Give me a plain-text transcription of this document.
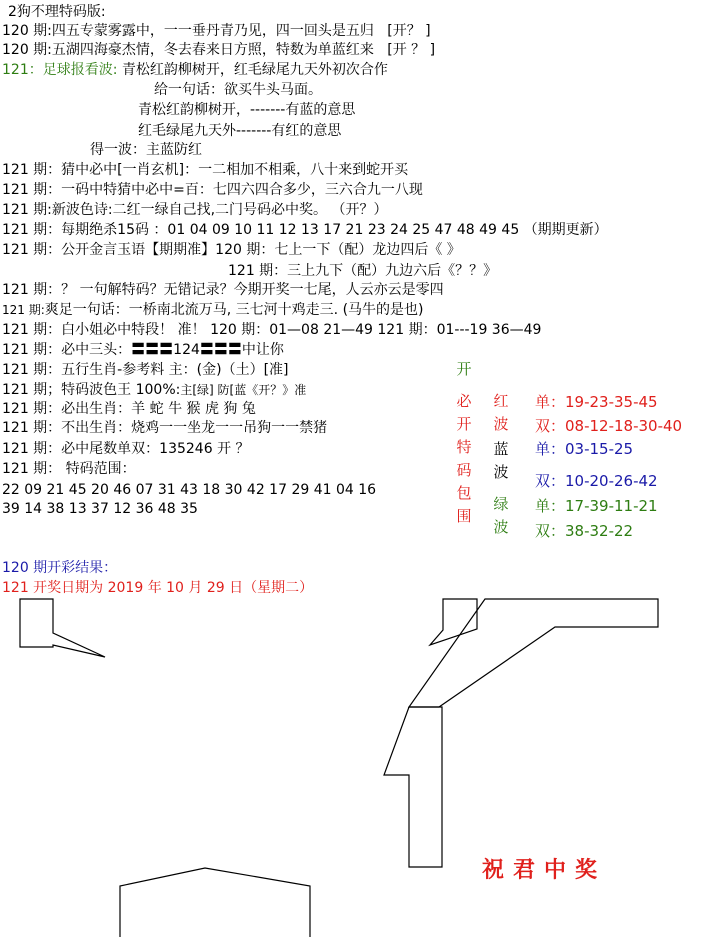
2狗不理特码版:
120 期:四五专蒙雾露中，一一垂丹青乃见，四一回头是五归 [开？ ]
120 期:五湖四海豪杰情，冬去春来日方照，特数为单蓝红来 [开 ？ ]
121：足球报看波: 青松红韵柳树开，红毛绿尾九天外初次合作
给一句话：欲买牛头马面。
青松红韵柳树开，-------有蓝的意思
红毛绿尾九天外-------有红的意思
得一波：主蓝防红
121 期：猜中必中[一肖玄机]：一二相加不相乘，八十来到蛇开买
121 期：一码中特猜中必中=百：七四六四合多少，三六合九一八现
121 期:新波色诗:二红一绿自己找,二门号码必中奖。 （开？）
121 期：每期绝杀15码 ：01 04 09 10 11 12 13 17 21 23 24 25 47 48 49 45 （期期更新）
121 期：公开金言玉语【期期准】120 期：七上一下（配）龙边四后《 》
121 期：三上九下（配）九边六后《？？》
121 期：？ 一句解特码？无错记录？今期开奖一七尾，人云亦云是零四
121 期:爽足一句话：一桥南北流万马, 三七河十鸡走三. (马牛的是也)
121 期：白小姐必中特段！ 准！ 120 期：01—08 21—49 121 期：01---19 36—49
121 期：必中三头：〓〓〓124〓〓〓中让你
121 期：五行生肖-参考料 主：(金)（土）[准]
121 期；特码波色王 100%:主[绿] 防[蓝《开？》准
121 期：必出生肖：羊 蛇 牛 猴 虎 狗 兔
121 期：不出生肖：烧鸡一一坐龙一一吊狗一一禁猪
121 期：必中尾数单双：135246 开 ？
121 期： 特码范围：
22 09 21 45 20 46 07 31 43 18 30 42 17 29 41 04 16
39 14 38 13 37 12 36 48 35
开
必开特码包围
红波
蓝波
绿波
单：19-23-35-45
双：08-12-18-30-40
单：03-15-25
双：10-20-26-42
单：17-39-11-21
双：38-32-22
120 期开彩结果：
121 开奖日期为 2019 年 10 月 29 日（星期二）
祝君中奖
